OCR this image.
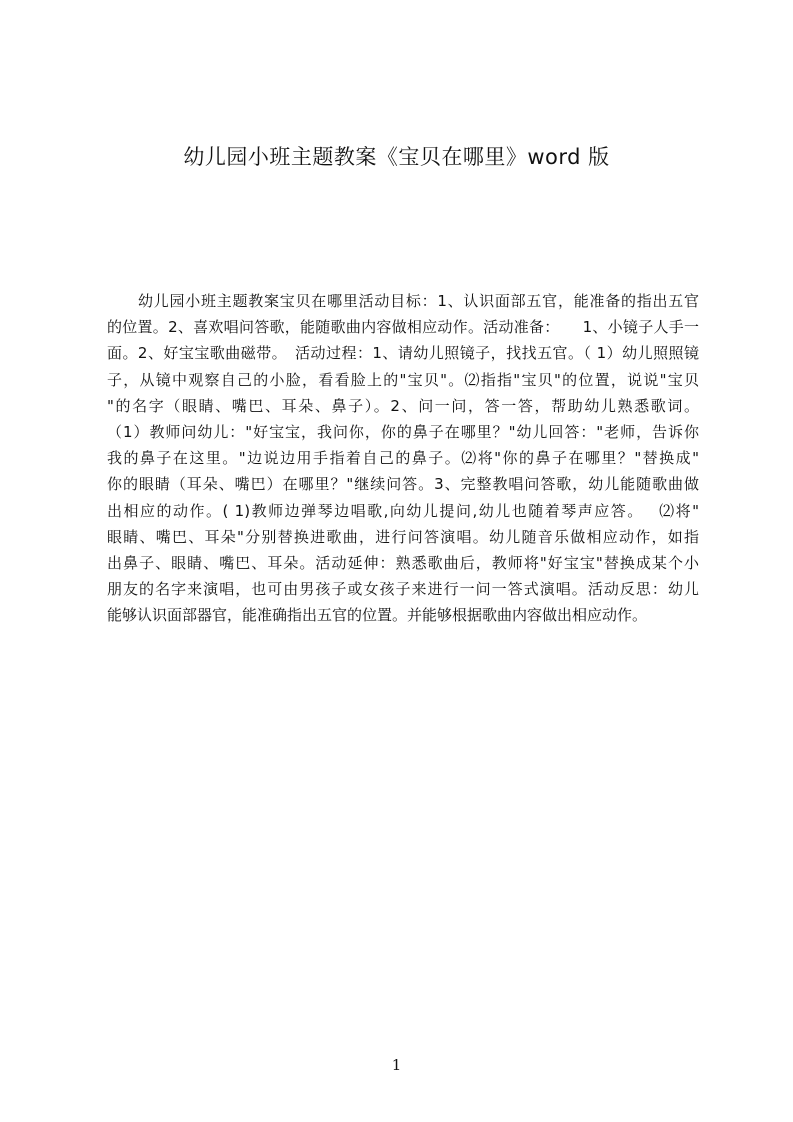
幼儿园小班主题教案《宝贝在哪里》word 版
幼儿园小班主题教案宝贝在哪里活动目标：1、认识面部五官，能准备的指出五官
的位置。2、喜欢唱问答歌，能随歌曲内容做相应动作。活动准备：　　1、小镜子人手一
面。2、好宝宝歌曲磁带。　活动过程：1、请幼儿照镜子，找找五官。（ 1）幼儿照照镜
子，从镜中观察自己的小脸，看看脸上的"宝贝"。⑵指指"宝贝"的位置，说说"宝贝
"的名字（眼睛、嘴巴、耳朵、鼻子）。2、问一问，答一答，帮助幼儿熟悉歌词。
（1）教师问幼儿："好宝宝，我问你，你的鼻子在哪里？"幼儿回答："老师，告诉你
我的鼻子在这里。"边说边用手指着自己的鼻子。⑵将"你的鼻子在哪里？"替换成"
你的眼睛（耳朵、嘴巴）在哪里？"继续问答。3、完整教唱问答歌，幼儿能随歌曲做
出相应的动作。( 1)教师边弹琴边唱歌,向幼儿提问,幼儿也随着琴声应答。　 ⑵将"
眼睛、嘴巴、耳朵"分别替换进歌曲，进行问答演唱。幼儿随音乐做相应动作，如指
出鼻子、眼睛、嘴巴、耳朵。活动延伸：熟悉歌曲后，教师将"好宝宝"替换成某个小
朋友的名字来演唱，也可由男孩子或女孩子来进行一问一答式演唱。活动反思：幼儿
能够认识面部器官，能准确指出五官的位置。并能够根据歌曲内容做出相应动作。
1
